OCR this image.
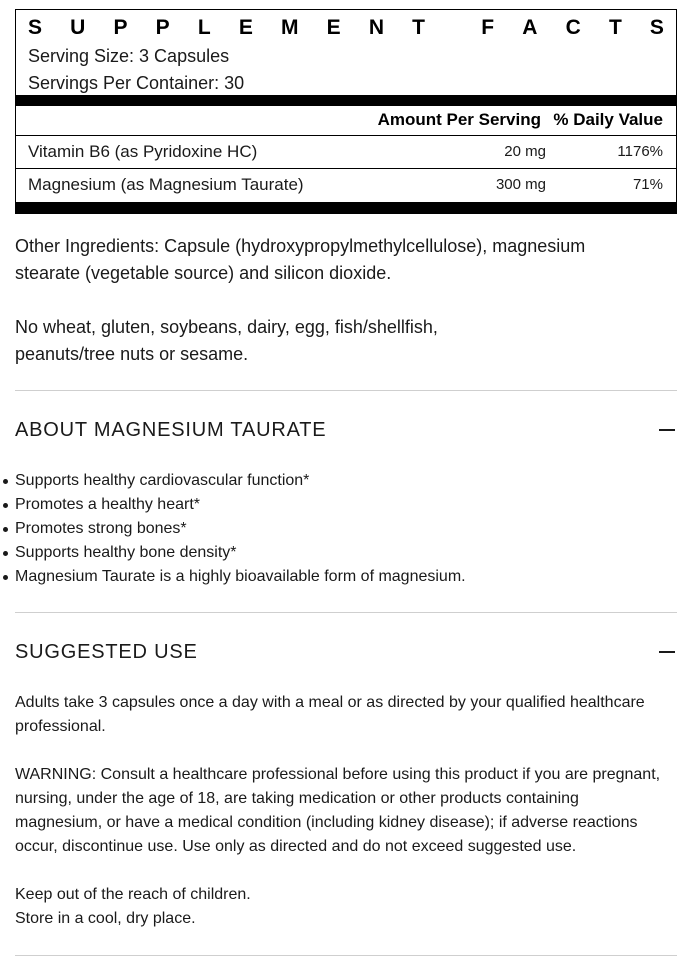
S U P P L E M E N T	F A C T S
Serving Size: 3 Capsules
Servings Per Container: 30
Amount Per Serving % Daily Value
Vitamin B6 (as Pyridoxine HC)	20 mg	1176%
Magnesium (as Magnesium Taurate)	300 mg	71%
Other Ingredients: Capsule (hydroxypropylmethylcellulose), magnesium
stearate (vegetable source) and silicon dioxide.
No wheat, gluten, soybeans, dairy, egg, fish/shellfish,
peanuts/tree nuts or sesame.
ABOUT MAGNESIUM TAURATE
Supports healthy cardiovascular function*
Promotes a healthy heart*
Promotes strong bones*
Supports healthy bone density*
Magnesium Taurate is a highly bioavailable form of magnesium.
SUGGESTED USE
Adults take 3 capsules once a day with a meal or as directed by your qualified healthcare
professional.
WARNING: Consult a healthcare professional before using this product if you are pregnant,
nursing, under the age of 18, are taking medication or other products containing
magnesium, or have a medical condition (including kidney disease); if adverse reactions
occur, discontinue use. Use only as directed and do not exceed suggested use.
Keep out of the reach of children.
Store in a cool, dry place.
